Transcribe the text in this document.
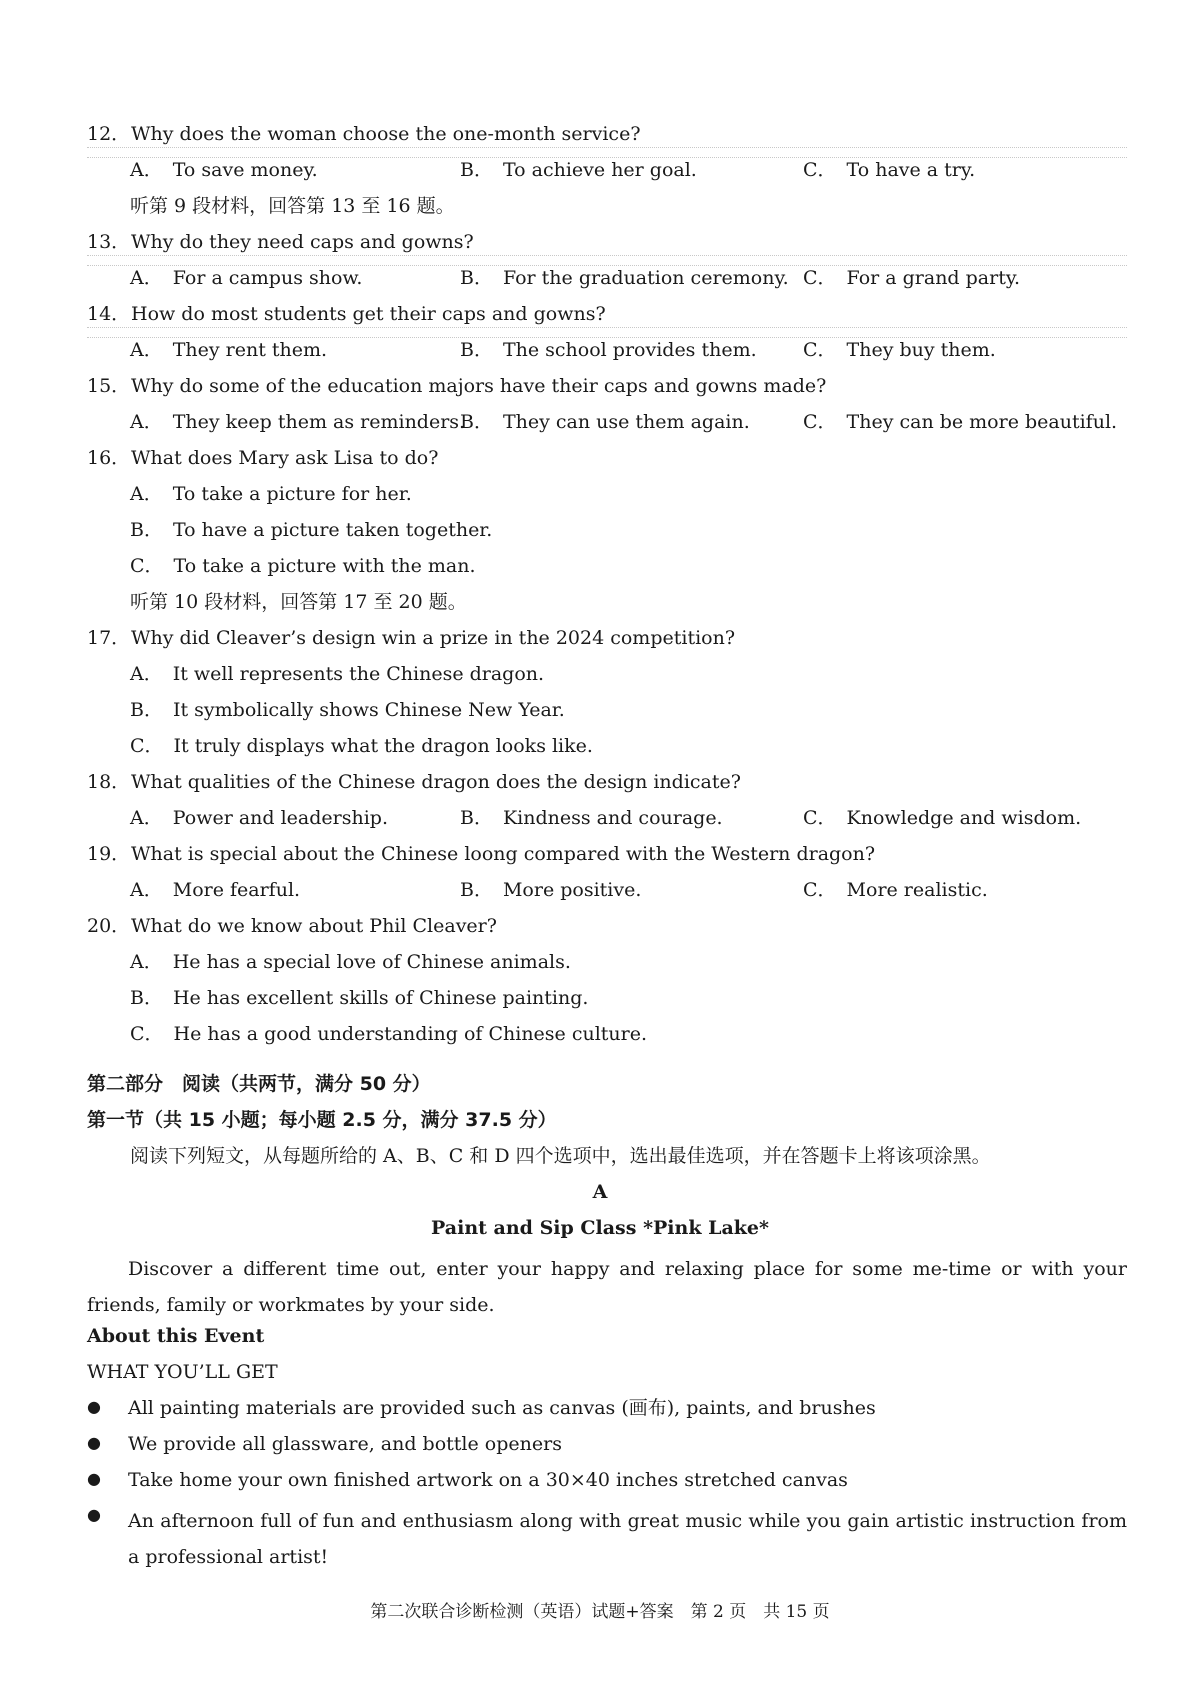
12．Why does the woman choose the one-month service?
A． To save money.	B． To achieve her goal.	C． To have a try.
听第 9 段材料，回答第 13 至 16 题。
13．Why do they need caps and gowns?
A． For a campus show.	B． For the graduation ceremony. C． For a grand party.
14．How do most students get their caps and gowns?
A． They rent them.	B． The school provides them. C． They buy them.
15．Why do some of the education majors have their caps and gowns made?
A． They keep them as reminders.
B． They can use them again.	C． They can be more beautiful.
16．What does Mary ask Lisa to do?
A． To take a picture for her.
B． To have a picture taken together.
C． To take a picture with the man.
听第 10 段材料，回答第 17 至 20 题。
17．Why did Cleaver’s design win a prize in the 2024 competition?
A． It well represents the Chinese dragon.
B． It symbolically shows Chinese New Year.
C． It truly displays what the dragon looks like.
18．What qualities of the Chinese dragon does the design indicate?
A． Power and leadership.	B． Kindness and courage.	C． Knowledge and wisdom.
19．What is special about the Chinese loong compared with the Western dragon?
A． More fearful.	B． More positive.	C． More realistic.
20．What do we know about Phil Cleaver?
A． He has a special love of Chinese animals.
B． He has excellent skills of Chinese painting.
C． He has a good understanding of Chinese culture.
第二部分　阅读（共两节，满分 50 分）
第一节（共 15 小题；每小题 2.5 分，满分 37.5 分）
阅读下列短文，从每题所给的 A、B、C 和 D 四个选项中，选出最佳选项，并在答题卡上将该项涂黑。
A
Paint and Sip Class *Pink Lake*
Discover a different time out, enter your happy and relaxing place for some me-time or with your friends, family or workmates by your side.
About this Event
WHAT YOU’LL GET
● All painting materials are provided such as canvas (画布), paints, and brushes
● We provide all glassware, and bottle openers
● Take home your own finished artwork on a 30×40 inches stretched canvas
● An afternoon full of fun and enthusiasm along with great music while you gain artistic instruction from a professional artist!
第二次联合诊断检测（英语）试题+答案　第 2 页　共 15 页
